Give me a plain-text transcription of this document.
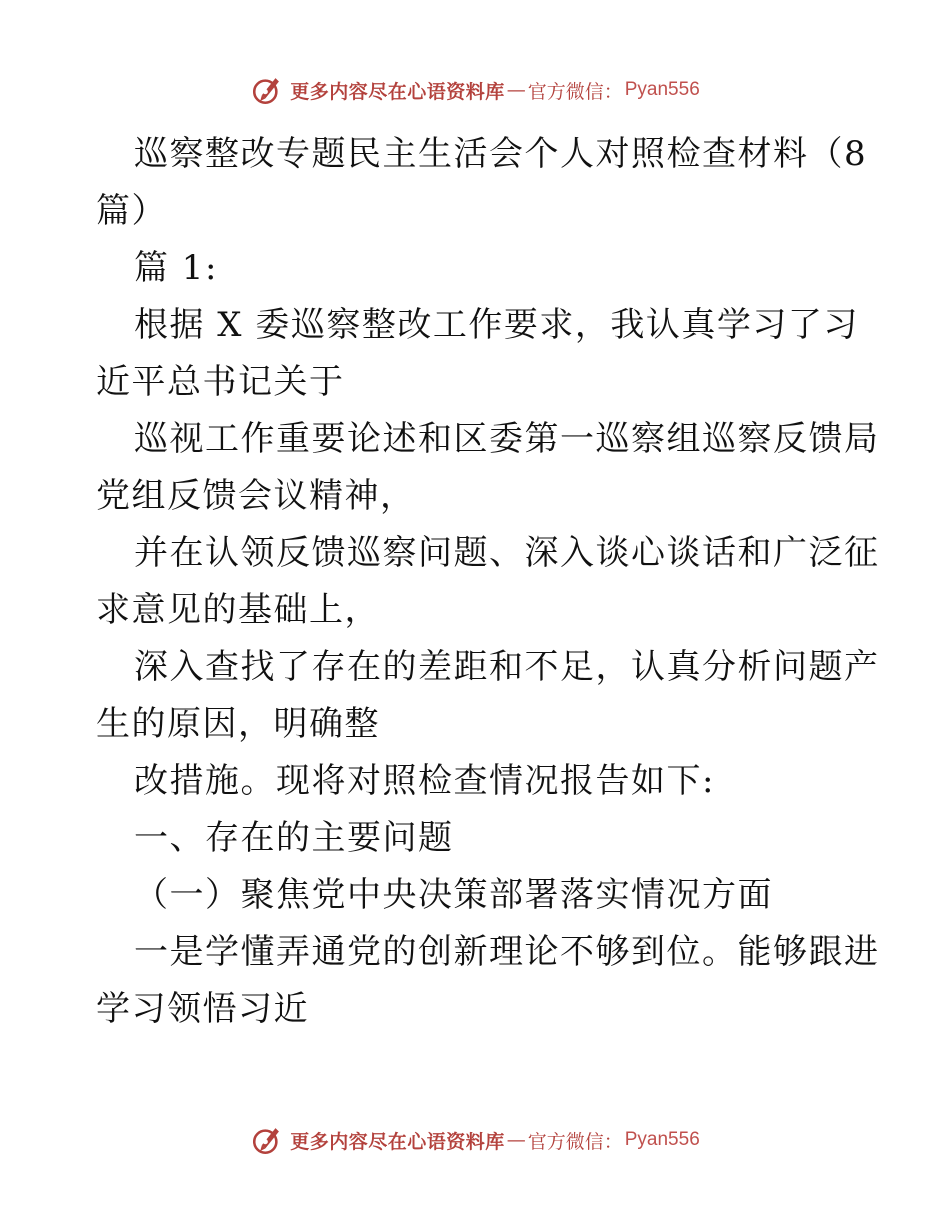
更多内容尽在心语资料库 — 官方微信： Pyan556
巡察整改专题民主生活会个人对照检查材料（8
篇）
篇 1:
根据 X 委巡察整改工作要求，我认真学习了习
近平总书记关于
巡视工作重要论述和区委第一巡察组巡察反馈局
党组反馈会议精神，
并在认领反馈巡察问题、深入谈心谈话和广泛征
求意见的基础上，
深入查找了存在的差距和不足，认真分析问题产
生的原因，明确整
改措施。现将对照检查情况报告如下:
一、存在的主要问题
（一）聚焦党中央决策部署落实情况方面
一是学懂弄通党的创新理论不够到位。能够跟进
学习领悟习近
更多内容尽在心语资料库 — 官方微信： Pyan556
